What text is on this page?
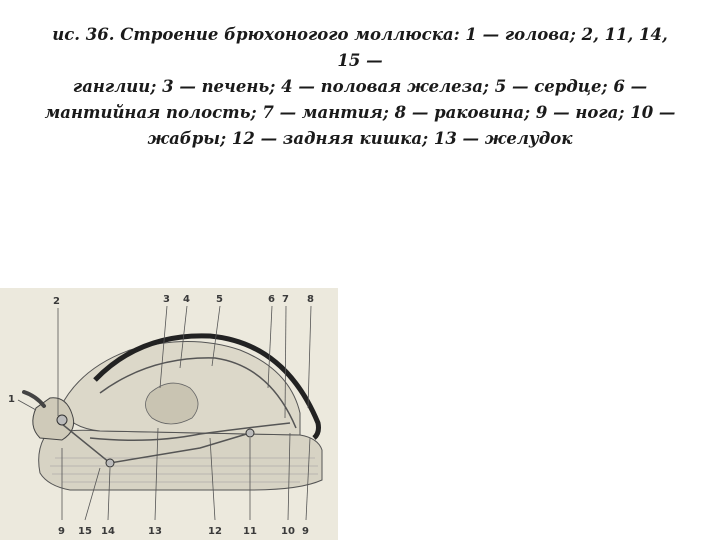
ис. 36. Строение брюхоногого моллюска: 1 — голова; 2, 11, 14, 15 —
ганглии; 3 — печень; 4 — половая железа; 5 — сердце; 6 —
мантийная полость; 7 — мантия; 8 — раковина; 9 — нога; 10 —
жабры; 12 — задняя кишка; 13 — желудок
2	3 4	5	6 7 8
1
9 15 14	13	12 11 10 9
